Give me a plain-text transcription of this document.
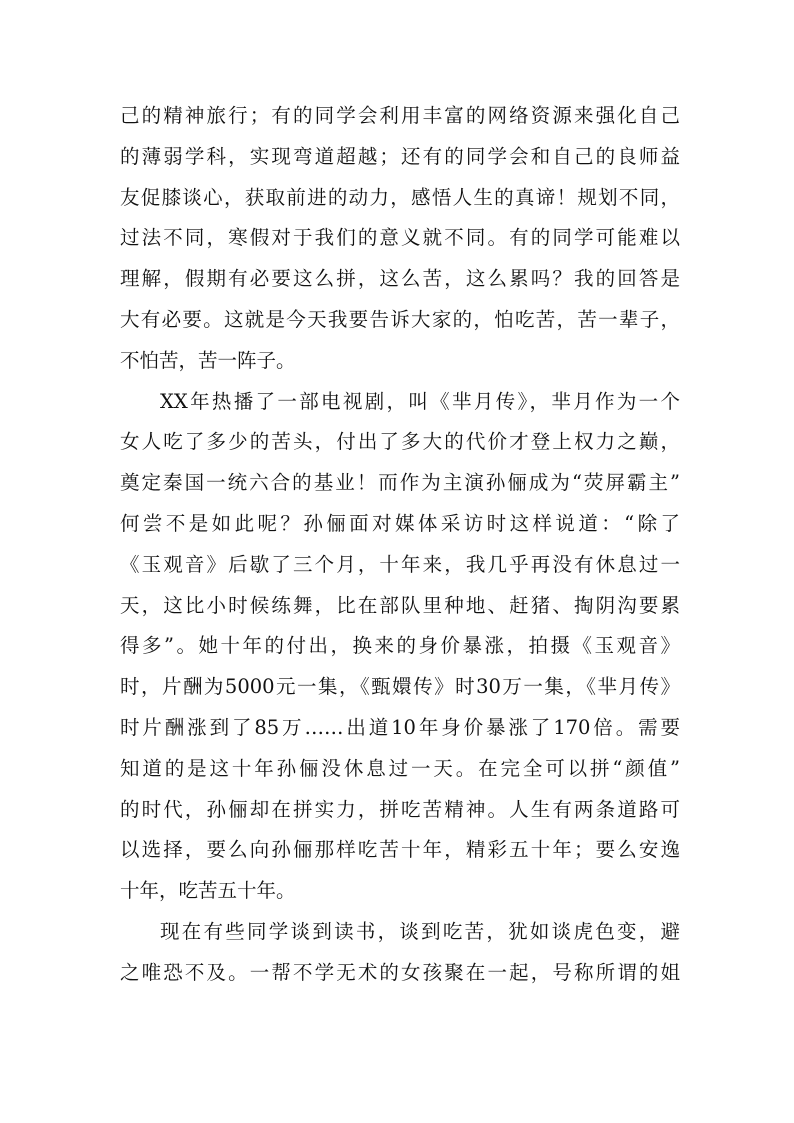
己的精神旅行；有的同学会利用丰富的网络资源来强化自己
的薄弱学科，实现弯道超越；还有的同学会和自己的良师益
友促膝谈心，获取前进的动力，感悟人生的真谛！规划不同，
过法不同，寒假对于我们的意义就不同。有的同学可能难以
理解，假期有必要这么拼，这么苦，这么累吗？我的回答是
大有必要。这就是今天我要告诉大家的，怕吃苦，苦一辈子，
不怕苦，苦一阵子。
XX年热播了一部电视剧，叫《芈月传》，芈月作为一个
女人吃了多少的苦头，付出了多大的代价才登上权力之巅，
奠定秦国一统六合的基业！而作为主演孙俪成为“荧屏霸主”
何尝不是如此呢？孙俪面对媒体采访时这样说道：“除了
《玉观音》后歇了三个月，十年来，我几乎再没有休息过一
天，这比小时候练舞，比在部队里种地、赶猪、掏阴沟要累
得多”。她十年的付出，换来的身价暴涨，拍摄《玉观音》
时，片酬为5000元一集，《甄嬛传》时30万一集，《芈月传》
时片酬涨到了85万……出道10年身价暴涨了170倍。需要
知道的是这十年孙俪没休息过一天。在完全可以拼“颜值”
的时代，孙俪却在拼实力，拼吃苦精神。人生有两条道路可
以选择，要么向孙俪那样吃苦十年，精彩五十年；要么安逸
十年，吃苦五十年。
现在有些同学谈到读书，谈到吃苦，犹如谈虎色变，避
之唯恐不及。一帮不学无术的女孩聚在一起，号称所谓的姐
